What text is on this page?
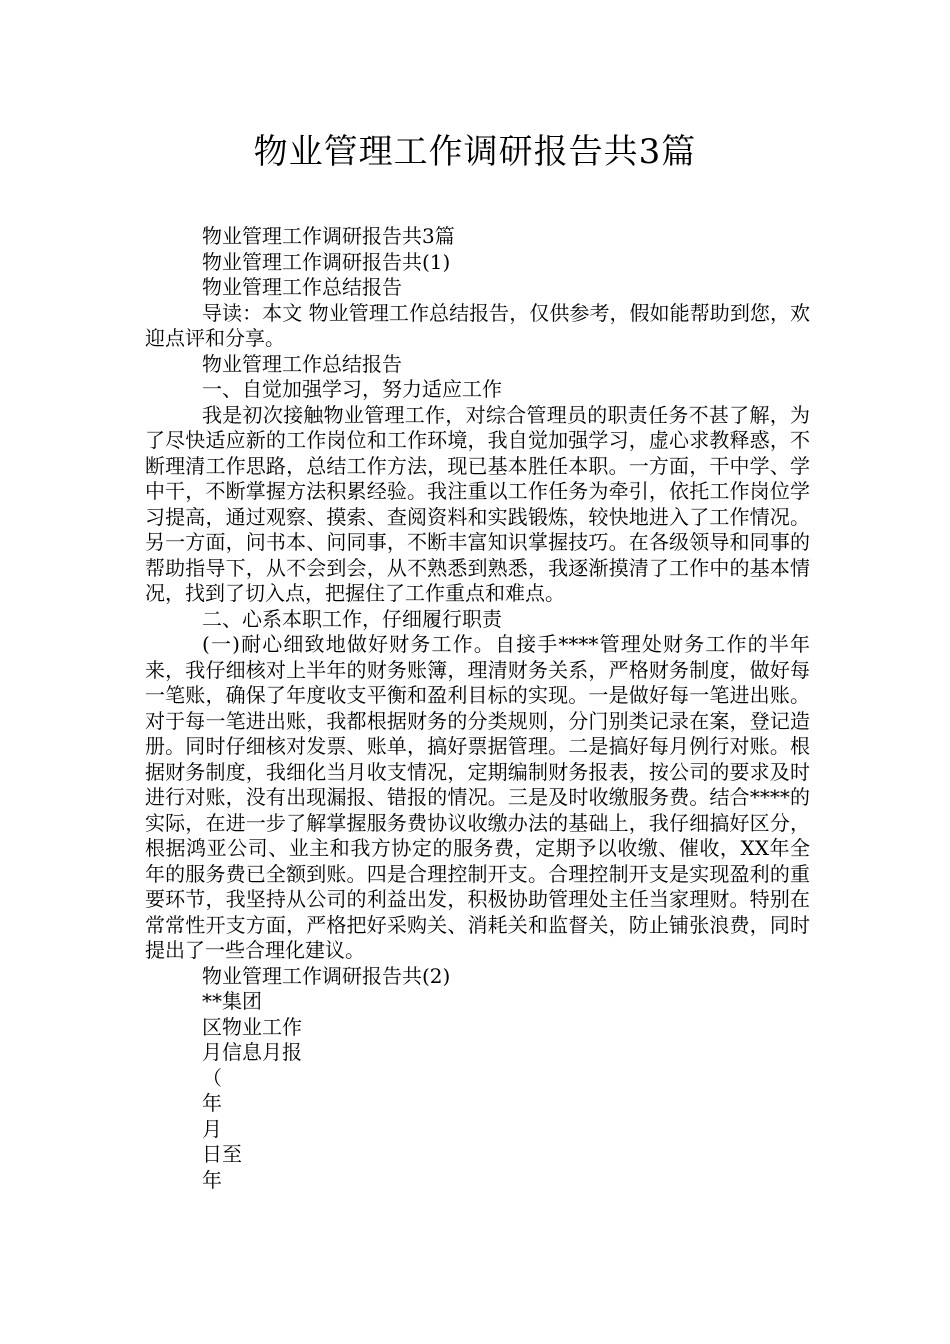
物业管理工作调研报告共3篇

物业管理工作调研报告共3篇

物业管理工作调研报告共(1)

物业管理工作总结报告

导读：本文 物业管理工作总结报告，仅供参考，假如能帮助到您，欢迎点评和分享。

物业管理工作总结报告

一、自觉加强学习，努力适应工作

我是初次接触物业管理工作，对综合管理员的职责任务不甚了解，为了尽快适应新的工作岗位和工作环境，我自觉加强学习，虚心求教释惑，不断理清工作思路，总结工作方法，现已基本胜任本职。一方面，干中学、学中干，不断掌握方法积累经验。我注重以工作任务为牵引，依托工作岗位学习提高，通过观察、摸索、查阅资料和实践锻炼，较快地进入了工作情况。另一方面，问书本、问同事，不断丰富知识掌握技巧。在各级领导和同事的帮助指导下，从不会到会，从不熟悉到熟悉，我逐渐摸清了工作中的基本情况，找到了切入点，把握住了工作重点和难点。

二、心系本职工作，仔细履行职责

(一)耐心细致地做好财务工作。自接手****管理处财务工作的半年来，我仔细核对上半年的财务账簿，理清财务关系，严格财务制度，做好每一笔账，确保了年度收支平衡和盈利目标的实现。一是做好每一笔进出账。对于每一笔进出账，我都根据财务的分类规则，分门别类记录在案，登记造册。同时仔细核对发票、账单，搞好票据管理。二是搞好每月例行对账。根据财务制度，我细化当月收支情况，定期编制财务报表，按公司的要求及时进行对账，没有出现漏报、错报的情况。三是及时收缴服务费。结合****的实际，在进一步了解掌握服务费协议收缴办法的基础上，我仔细搞好区分，根据鸿亚公司、业主和我方协定的服务费，定期予以收缴、催收，XX年全年的服务费已全额到账。四是合理控制开支。合理控制开支是实现盈利的重要环节，我坚持从公司的利益出发，积极协助管理处主任当家理财。特别在常常性开支方面，严格把好采购关、消耗关和监督关，防止铺张浪费，同时提出了一些合理化建议。

物业管理工作调研报告共(2)

**集团

区物业工作

月信息月报

（

年

月

日至

年
